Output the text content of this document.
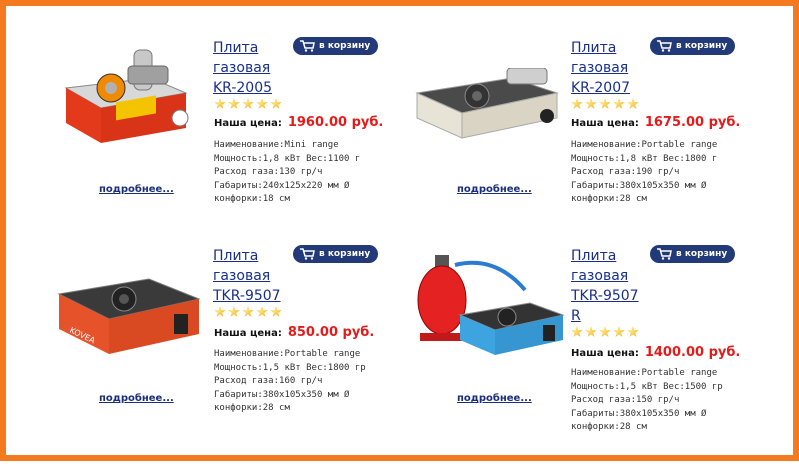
подробнее...
Плита
газовая
KR-2005
в корзину
Наша цена: 1960.00 руб.
Наименование:Mini range
Мощность:1,8 кВт Вес:1100 г
Расход газа:130 гр/ч
Габариты:240х125х220 мм Ø
конфорки:18 см
подробнее...
Плита
газовая
KR-2007
в корзину
Наша цена: 1675.00 руб.
Наименование:Portable range
Мощность:1,8 кВт Вес:1800 г
Расход газа:190 гр/ч
Габариты:380х105х350 мм Ø
конфорки:28 см
KOVEA
подробнее...
Плита
газовая
TKR-9507
в корзину
Наша цена: 850.00 руб.
Наименование:Portable range
Мощность:1,5 кВт Вес:1800 гр
Расход газа:160 гр/ч
Габариты:380х105х350 мм Ø
конфорки:28 см
подробнее...
Плита
газовая
TKR-9507
R
в корзину
Наша цена: 1400.00 руб.
Наименование:Portable range
Мощность:1,5 кВт Вес:1500 гр
Расход газа:150 гр/ч
Габариты:380х105х350 мм Ø
конфорки:28 см
